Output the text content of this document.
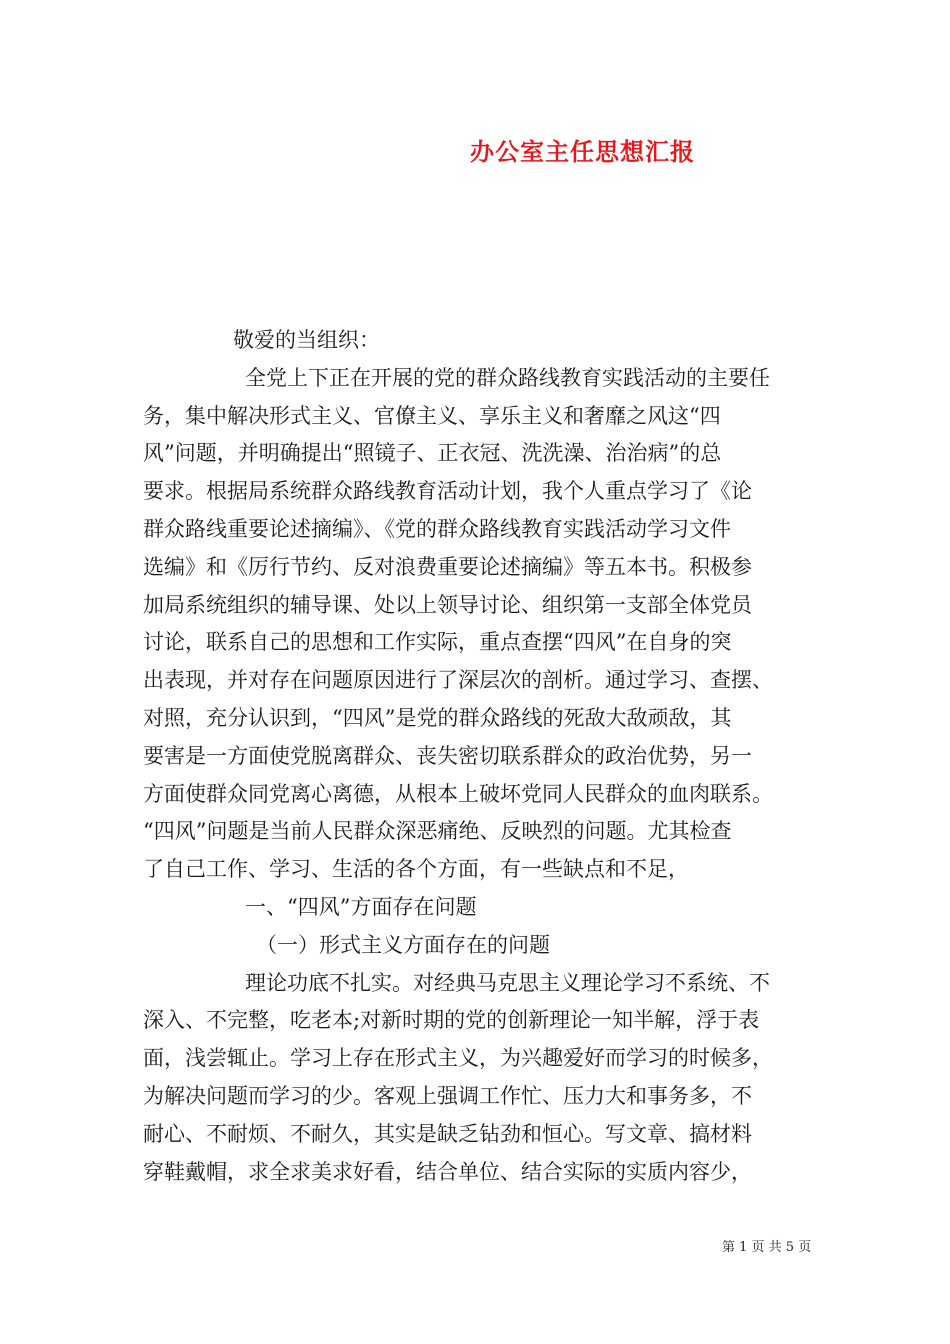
办公室主任思想汇报
敬爱的当组织：
全党上下正在开展的党的群众路线教育实践活动的主要任
务，集中解决形式主义、官僚主义、享乐主义和奢靡之风这“四
风”问题，并明确提出“照镜子、正衣冠、洗洗澡、治治病”的总
要求。根据局系统群众路线教育活动计划，我个人重点学习了《论
群众路线重要论述摘编》、《党的群众路线教育实践活动学习文件
选编》和《厉行节约、反对浪费重要论述摘编》等五本书。积极参
加局系统组织的辅导课、处以上领导讨论、组织第一支部全体党员
讨论，联系自己的思想和工作实际，重点查摆“四风”在自身的突
出表现，并对存在问题原因进行了深层次的剖析。通过学习、查摆、
对照，充分认识到，“四风”是党的群众路线的死敌大敌顽敌，其
要害是一方面使党脱离群众、丧失密切联系群众的政治优势，另一
方面使群众同党离心离德，从根本上破坏党同人民群众的血肉联系。
“四风”问题是当前人民群众深恶痛绝、反映烈的问题。尤其检查
了自己工作、学习、生活的各个方面，有一些缺点和不足，
一、“四风”方面存在问题
（一）形式主义方面存在的问题
理论功底不扎实。对经典马克思主义理论学习不系统、不
深入、不完整，吃老本;对新时期的党的创新理论一知半解，浮于表
面，浅尝辄止。学习上存在形式主义，为兴趣爱好而学习的时候多，
为解决问题而学习的少。客观上强调工作忙、压力大和事务多，不
耐心、不耐烦、不耐久，其实是缺乏钻劲和恒心。写文章、搞材料
穿鞋戴帽，求全求美求好看，结合单位、结合实际的实质内容少，
第 1 页 共 5 页
